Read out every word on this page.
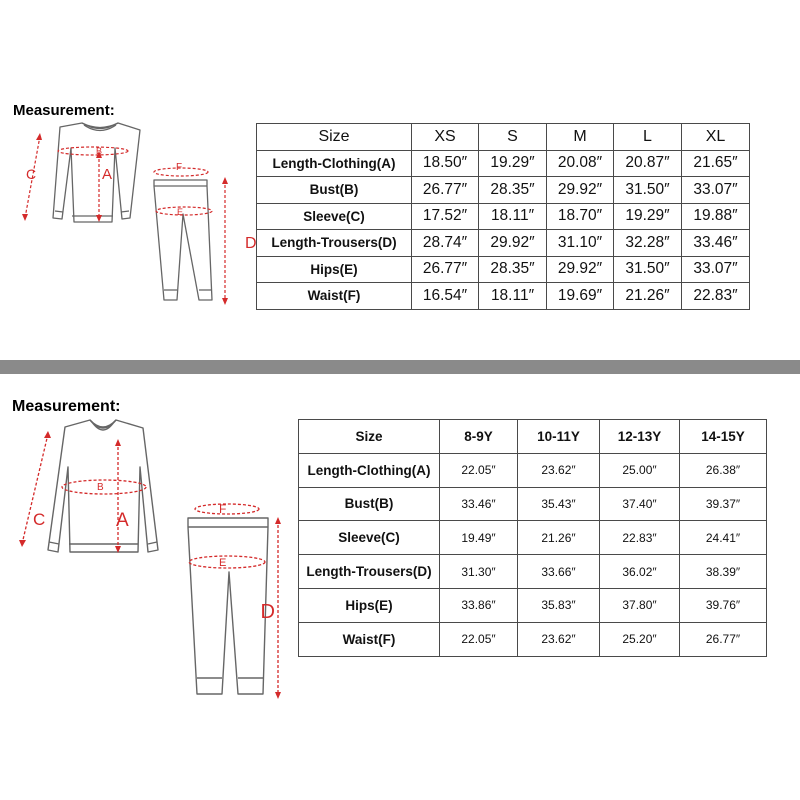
Measurement:
A
B
C
D
E
F
Size	XS	S	M	L	XL
Length-Clothing(A)	18.50″	19.29″	20.08″	20.87″	21.65″
Bust(B)	26.77″	28.35″	29.92″	31.50″	33.07″
Sleeve(C)	17.52″	18.11″	18.70″	19.29″	19.88″
Length-Trousers(D)	28.74″	29.92″	31.10″	32.28″	33.46″
Hips(E)	26.77″	28.35″	29.92″	31.50″	33.07″
Waist(F)	16.54″	18.11″	19.69″	21.26″	22.83″
Measurement:
A
B
C
D
E
F
Size	8-9Y	10-11Y	12-13Y	14-15Y
Length-Clothing(A)	22.05″	23.62″	25.00″	26.38″
Bust(B)	33.46″	35.43″	37.40″	39.37″
Sleeve(C)	19.49″	21.26″	22.83″	24.41″
Length-Trousers(D)	31.30″	33.66″	36.02″	38.39″
Hips(E)	33.86″	35.83″	37.80″	39.76″
Waist(F)	22.05″	23.62″	25.20″	26.77″
